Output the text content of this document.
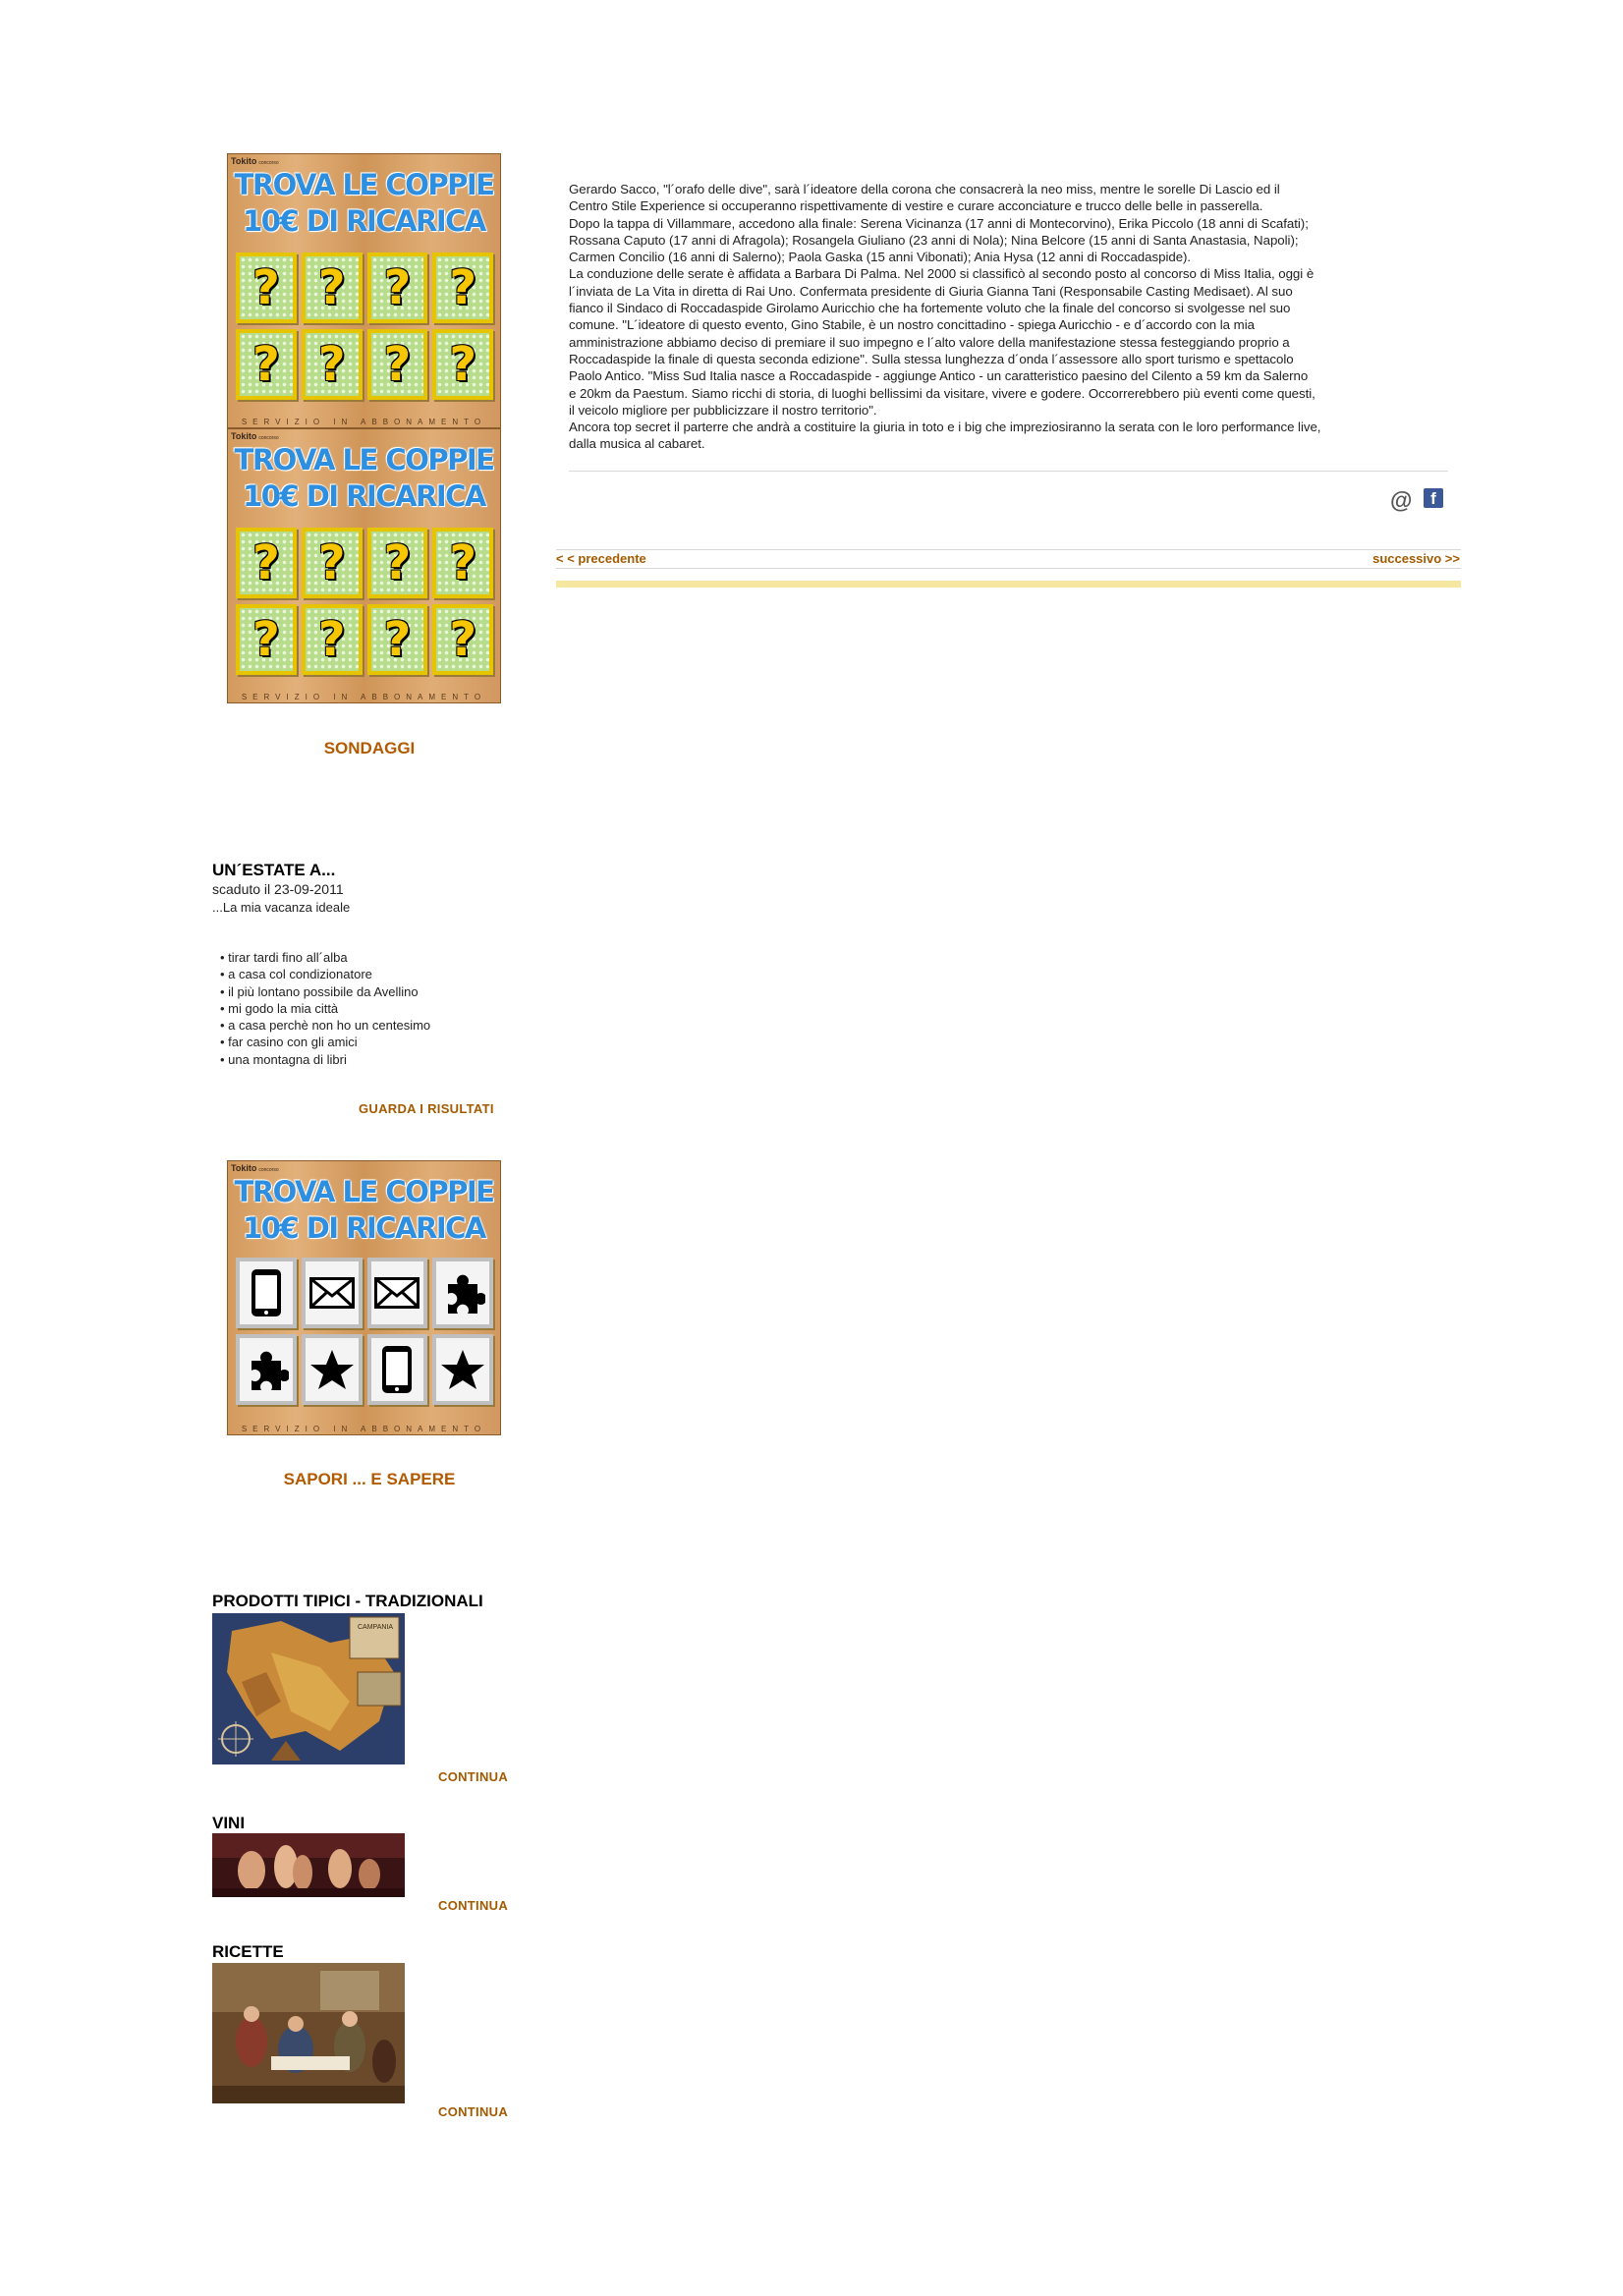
Tokito concorso
TROVA LE COPPIE
10€ DI RICARICA
? ? ? ?
? ? ? ?
SERVIZIO IN ABBONAMENTO
Tokito concorso
TROVA LE COPPIE
10€ DI RICARICA
? ? ? ?
? ? ? ?
SERVIZIO IN ABBONAMENTO
SONDAGGI
UN´ESTATE A...
scaduto il 23-09-2011
...La mia vacanza ideale
• tirar tardi fino all´alba
• a casa col condizionatore
• il più lontano possibile da Avellino
• mi godo la mia città
• a casa perchè non ho un centesimo
• far casino con gli amici
• una montagna di libri
GUARDA I RISULTATI
Tokito concorso
TROVA LE COPPIE
10€ DI RICARICA
SERVIZIO IN ABBONAMENTO
SAPORI ... E SAPERE
PRODOTTI TIPICI - TRADIZIONALI
CAMPANIA
CONTINUA
VINI
CONTINUA
RICETTE
CONTINUA

Gerardo Sacco, "l´orafo delle dive", sarà l´ideatore della corona che consacrerà la neo miss, mentre le sorelle Di Lascio ed il

Centro Stile Experience si occuperanno rispettivamente di vestire e curare acconciature e trucco delle belle in passerella.

Dopo la tappa di Villammare, accedono alla finale: Serena Vicinanza (17 anni di Montecorvino), Erika Piccolo (18 anni di Scafati);

Rossana Caputo (17 anni di Afragola); Rosangela Giuliano (23 anni di Nola); Nina Belcore (15 anni di Santa Anastasia, Napoli);

Carmen Concilio (16 anni di Salerno); Paola Gaska (15 anni Vibonati); Ania Hysa (12 anni di Roccadaspide).

La conduzione delle serate è affidata a Barbara Di Palma. Nel 2000 si classificò al secondo posto al concorso di Miss Italia, oggi è

l´inviata de La Vita in diretta di Rai Uno. Confermata presidente di Giuria Gianna Tani (Responsabile Casting Medisaet). Al suo

fianco il Sindaco di Roccadaspide Girolamo Auricchio che ha fortemente voluto che la finale del concorso si svolgesse nel suo

comune. "L´ideatore di questo evento, Gino Stabile, è un nostro concittadino - spiega Auricchio - e d´accordo con la mia

amministrazione abbiamo deciso di premiare il suo impegno e l´alto valore della manifestazione stessa festeggiando proprio a

Roccadaspide la finale di questa seconda edizione". Sulla stessa lunghezza d´onda l´assessore allo sport turismo e spettacolo

Paolo Antico. "Miss Sud Italia nasce a Roccadaspide - aggiunge Antico - un caratteristico paesino del Cilento a 59 km da Salerno

e 20km da Paestum. Siamo ricchi di storia, di luoghi bellissimi da visitare, vivere e godere. Occorrerebbero più eventi come questi,

il veicolo migliore per pubblicizzare il nostro territorio".

Ancora top secret il parterre che andrà a costituire la giuria in toto e i big che impreziosiranno la serata con le loro performance live,

dalla musica al cabaret.

@	f
< < precedente	successivo >>
